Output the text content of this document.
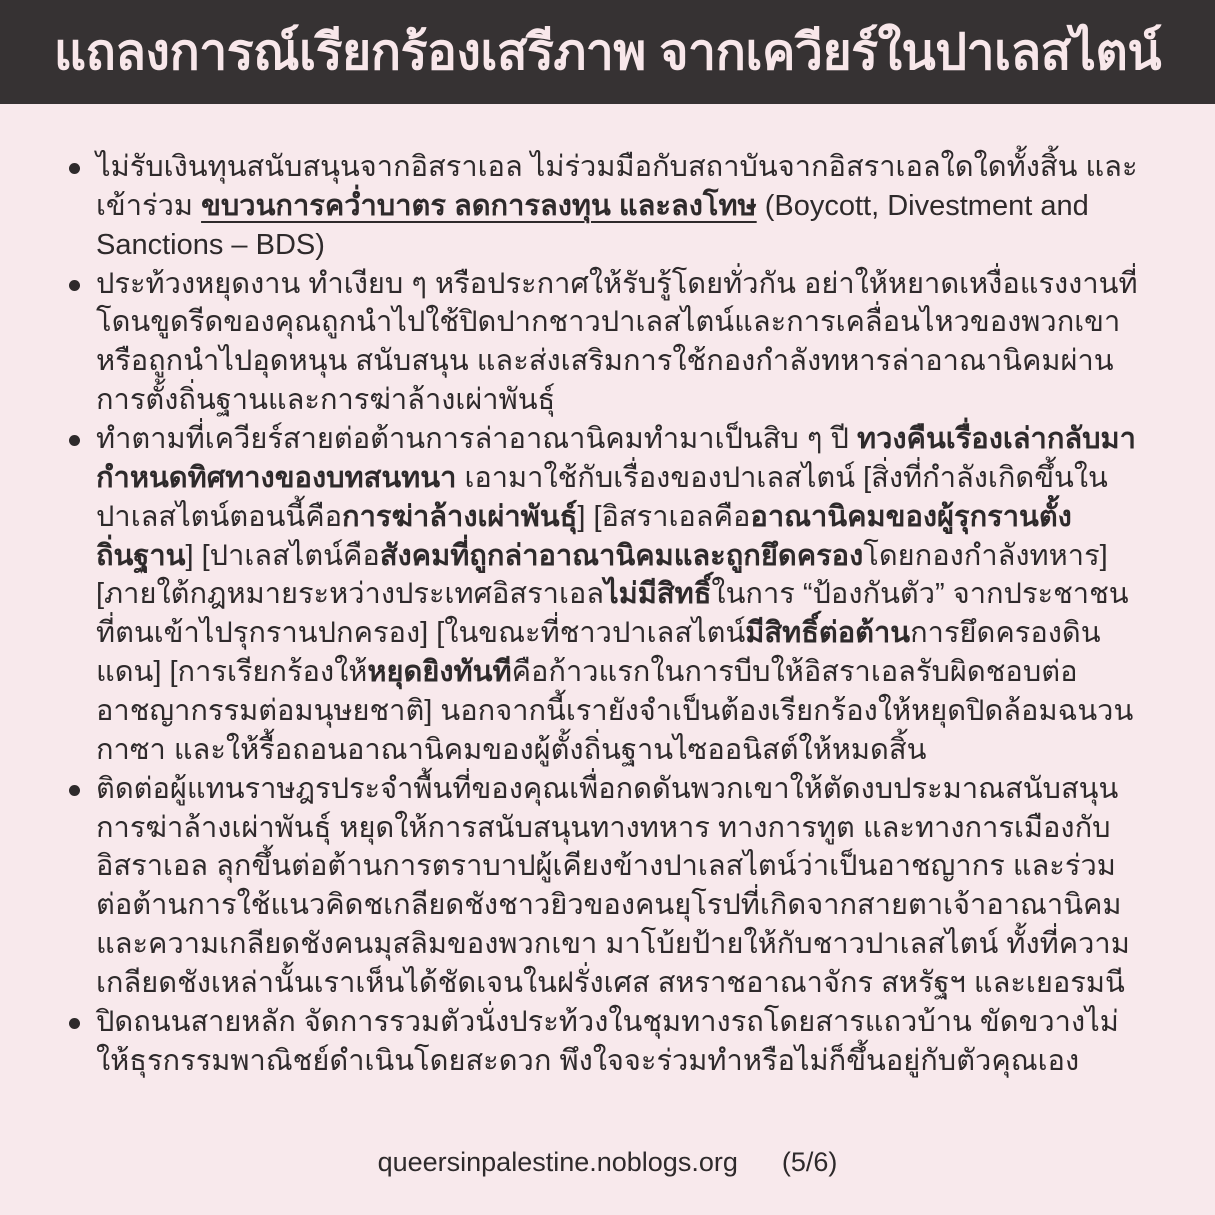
แถลงการณ์เรียกร้องเสรีภาพ จากเควียร์ในปาเลสไตน์
ไม่รับเงินทุนสนับสนุนจากอิสราเอล ไม่ร่วมมือกับสถาบันจากอิสราเอลใดใดทั้งสิ้น และเข้าร่วม ขบวนการคว่ำบาตร ลดการลงทุน และลงโทษ (Boycott, Divestment and Sanctions – BDS)
ประท้วงหยุดงาน ทำเงียบ ๆ หรือประกาศให้รับรู้โดยทั่วกัน อย่าให้หยาดเหงื่อแรงงานที่โดนขูดรีดของคุณถูกนำไปใช้ปิดปากชาวปาเลสไตน์และการเคลื่อนไหวของพวกเขา หรือถูกนำไปอุดหนุน สนับสนุน และส่งเสริมการใช้กองกำลังทหารล่าอาณานิคมผ่านการตั้งถิ่นฐานและการฆ่าล้างเผ่าพันธุ์
ทำตามที่เควียร์สายต่อต้านการล่าอาณานิคมทำมาเป็นสิบ ๆ ปี ทวงคืนเรื่องเล่ากลับมา กำหนดทิศทางของบทสนทนา เอามาใช้กับเรื่องของปาเลสไตน์ [สิ่งที่กำลังเกิดขึ้นในปาเลสไตน์ตอนนี้คือการฆ่าล้างเผ่าพันธุ์] [อิสราเอลคืออาณานิคมของผู้รุกรานตั้งถิ่นฐาน] [ปาเลสไตน์คือสังคมที่ถูกล่าอาณานิคมและถูกยึดครองโดยกองกำลังทหาร] [ภายใต้กฎหมายระหว่างประเทศอิสราเอลไม่มีสิทธิ์ในการ “ป้องกันตัว” จากประชาชนที่ตนเข้าไปรุกรานปกครอง] [ในขณะที่ชาวปาเลสไตน์มีสิทธิ์ต่อต้านการยึดครองดินแดน] [การเรียกร้องให้หยุดยิงทันทีคือก้าวแรกในการบีบให้อิสราเอลรับผิดชอบต่ออาชญากรรมต่อมนุษยชาติ] นอกจากนี้เรายังจำเป็นต้องเรียกร้องให้หยุดปิดล้อมฉนวนกาซา และให้รื้อถอนอาณานิคมของผู้ตั้งถิ่นฐานไซออนิสต์ให้หมดสิ้น
ติดต่อผู้แทนราษฎรประจำพื้นที่ของคุณเพื่อกดดันพวกเขาให้ตัดงบประมาณสนับสนุนการฆ่าล้างเผ่าพันธุ์ หยุดให้การสนับสนุนทางทหาร ทางการทูต และทางการเมืองกับอิสราเอล ลุกขึ้นต่อต้านการตราบาปผู้เคียงข้างปาเลสไตน์ว่าเป็นอาชญากร และร่วมต่อต้านการใช้แนวคิดชเกลียดชังชาวยิวของคนยุโรปที่เกิดจากสายตาเจ้าอาณานิคมและความเกลียดชังคนมุสลิมของพวกเขา มาโบ้ยป้ายให้กับชาวปาเลสไตน์ ทั้งที่ความเกลียดชังเหล่านั้นเราเห็นได้ชัดเจนในฝรั่งเศส สหราชอาณาจักร สหรัฐฯ และเยอรมนี
ปิดถนนสายหลัก จัดการรวมตัวนั่งประท้วงในชุมทางรถโดยสารแถวบ้าน ขัดขวางไม่ให้ธุรกรรมพาณิชย์ดำเนินโดยสะดวก พึงใจจะร่วมทำหรือไม่ก็ขึ้นอยู่กับตัวคุณเอง
queersinpalestine.noblogs.org (5/6)
